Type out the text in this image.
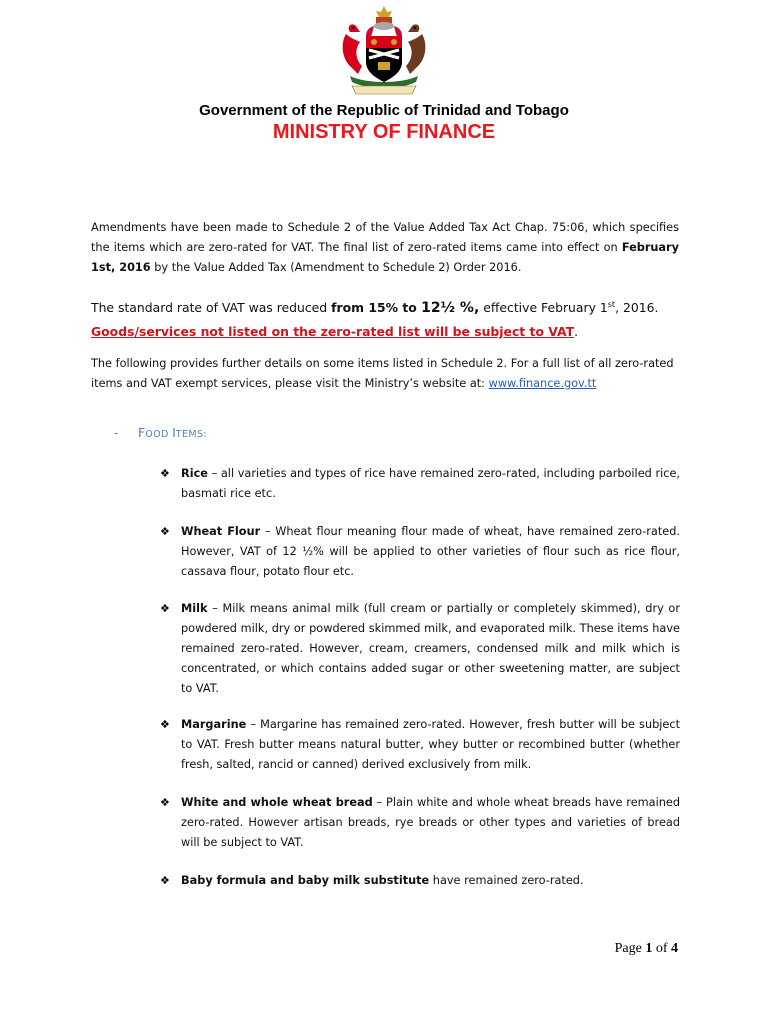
Government of the Republic of Trinidad and Tobago
MINISTRY OF FINANCE
Amendments have been made to Schedule 2 of the Value Added Tax Act Chap. 75:06, which specifies the items which are zero-rated for VAT. The final list of zero-rated items came into effect on February 1st, 2016 by the Value Added Tax (Amendment to Schedule 2) Order 2016.
The standard rate of VAT was reduced from 15% to 12½ %, effective February 1st, 2016.
Goods/services not listed on the zero-rated list will be subject to VAT.
The following provides further details on some items listed in Schedule 2. For a full list of all zero-rated items and VAT exempt services, please visit the Ministry’s website at: www.finance.gov.tt
- FOOD ITEMS:
❖ Rice – all varieties and types of rice have remained zero-rated, including parboiled rice, basmati rice etc.
❖ Wheat Flour – Wheat flour meaning flour made of wheat, have remained zero-rated. However, VAT of 12 ½% will be applied to other varieties of flour such as rice flour, cassava flour, potato flour etc.
❖ Milk – Milk means animal milk (full cream or partially or completely skimmed), dry or powdered milk, dry or powdered skimmed milk, and evaporated milk. These items have remained zero-rated. However, cream, creamers, condensed milk and milk which is concentrated, or which contains added sugar or other sweetening matter, are subject to VAT.
❖ Margarine – Margarine has remained zero-rated. However, fresh butter will be subject to VAT. Fresh butter means natural butter, whey butter or recombined butter (whether fresh, salted, rancid or canned) derived exclusively from milk.
❖ White and whole wheat bread – Plain white and whole wheat breads have remained zero-rated. However artisan breads, rye breads or other types and varieties of bread will be subject to VAT.
❖ Baby formula and baby milk substitute have remained zero-rated.
Page 1 of 4
